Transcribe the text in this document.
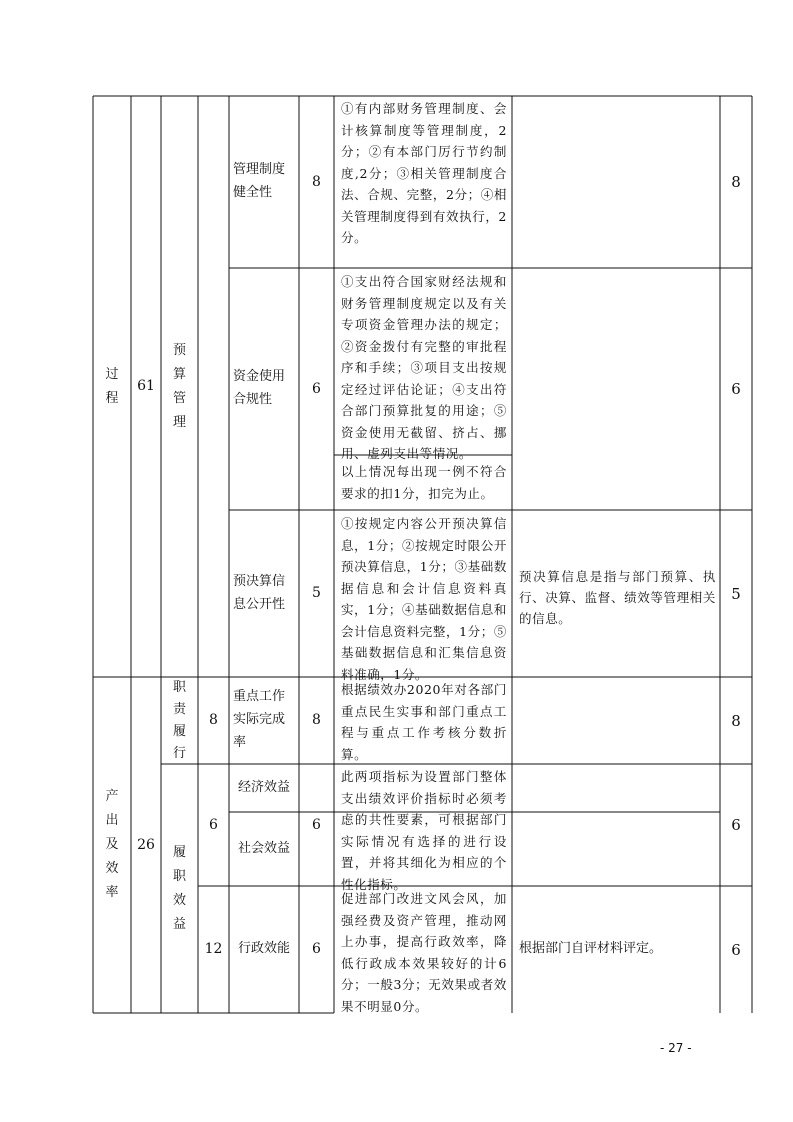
过程
产出及效率
61
26
预算管理
职责履行
履职效益
8
6
12
管理制度健全性
8
①有内部财务管理制度、会计核算制度等管理制度，2分；②有本部门厉行节约制度,2分；③相关管理制度合法、合规、完整，2分；④相关管理制度得到有效执行，2分。
8
资金使用合规性
6
①支出符合国家财经法规和财务管理制度规定以及有关专项资金管理办法的规定；②资金拨付有完整的审批程序和手续；③项目支出按规定经过评估论证；④支出符合部门预算批复的用途；⑤资金使用无截留、挤占、挪用、虚列支出等情况。
以上情况每出现一例不符合要求的扣1分，扣完为止。
6
预决算信息公开性
5
①按规定内容公开预决算信息，1分；②按规定时限公开预决算信息，1分；③基础数据信息和会计信息资料真实，1分；④基础数据信息和会计信息资料完整，1分；⑤基础数据信息和汇集信息资料准确，1分。
预决算信息是指与部门预算、执行、决算、监督、绩效等管理相关的信息。
5
重点工作实际完成率
8
根据绩效办2020年对各部门重点民生实事和部门重点工程与重点工作考核分数折算。
8
经济效益
社会效益
6
此两项指标为设置部门整体支出绩效评价指标时必须考虑的共性要素，可根据部门实际情况有选择的进行设置，并将其细化为相应的个性化指标。
6
行政效能	6
促进部门改进文风会风，加强经费及资产管理，推动网上办事，提高行政效率，降低行政成本效果较好的计6分；一般3分；无效果或者效果不明显0分。
根据部门自评材料评定。	6
- 27 -
